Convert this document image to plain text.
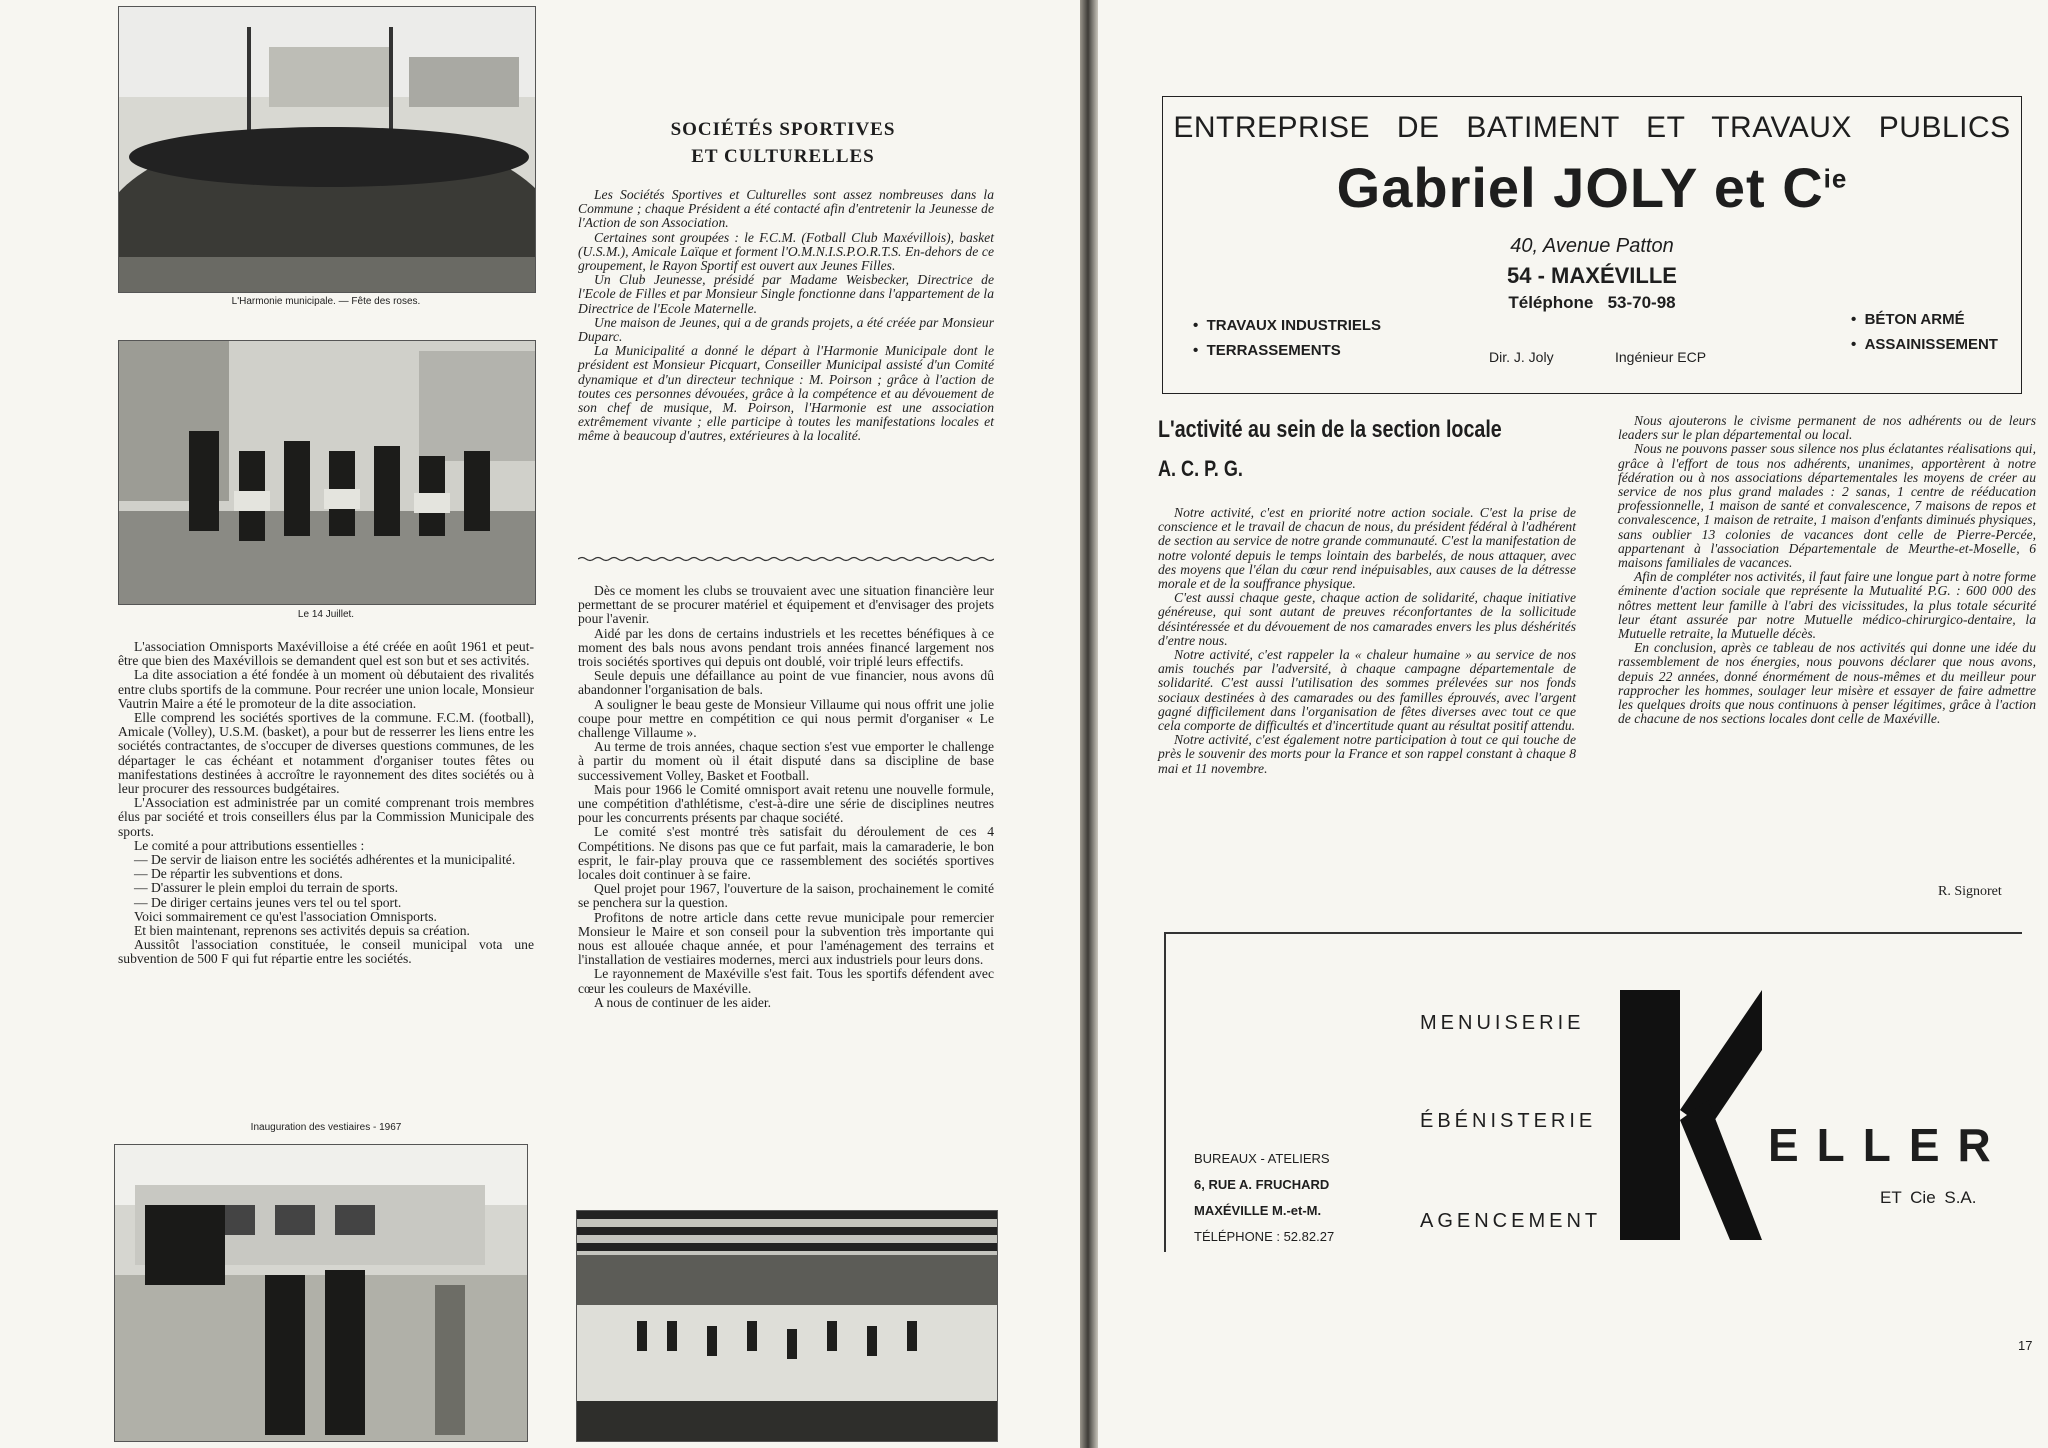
L'Harmonie municipale. — Fête des roses.
Le 14 Juillet.

L'association Omnisports Maxévilloise a été créée en août 1961 et peut-être que bien des Maxévillois se demandent quel est son but et ses activités.

La dite association a été fondée à un moment où débutaient des rivalités entre clubs sportifs de la commune. Pour recréer une union locale, Monsieur Vautrin Maire a été le promoteur de la dite association.

Elle comprend les sociétés sportives de la commune. F.C.M. (football), Amicale (Volley), U.S.M. (basket), a pour but de resserrer les liens entre les sociétés contractantes, de s'occuper de diverses questions communes, de les départager le cas échéant et notamment d'organiser toutes fêtes ou manifestations destinées à accroître le rayonnement des dites sociétés ou à leur procurer des ressources budgétaires.

L'Association est administrée par un comité comprenant trois membres élus par société et trois conseillers élus par la Commission Municipale des sports.

Le comité a pour attributions essentielles :

— De servir de liaison entre les sociétés adhérentes et la municipalité.

— De répartir les subventions et dons.

— D'assurer le plein emploi du terrain de sports.

— De diriger certains jeunes vers tel ou tel sport.

Voici sommairement ce qu'est l'association Omnisports.

Et bien maintenant, reprenons ses activités depuis sa création.

Aussitôt l'association constituée, le conseil municipal vota une subvention de 500 F qui fut répartie entre les sociétés.

Inauguration des vestiaires - 1967
SOCIÉTÉS SPORTIVES
ET CULTURELLES

Les Sociétés Sportives et Culturelles sont assez nombreuses dans la Commune ; chaque Président a été contacté afin d'entretenir la Jeunesse de l'Action de son Association.

Certaines sont groupées : le F.C.M. (Fotball Club Maxévillois), basket (U.S.M.), Amicale Laïque et forment l'O.M.N.I.S.P.O.R.T.S. En-dehors de ce groupement, le Rayon Sportif est ouvert aux Jeunes Filles.

Un Club Jeunesse, présidé par Madame Weisbecker, Directrice de l'Ecole de Filles et par Monsieur Single fonctionne dans l'appartement de la Directrice de l'Ecole Maternelle.

Une maison de Jeunes, qui a de grands projets, a été créée par Monsieur Duparc.

La Municipalité a donné le départ à l'Harmonie Municipale dont le président est Monsieur Picquart, Conseiller Municipal assisté d'un Comité dynamique et d'un directeur technique : M. Poirson ; grâce à l'action de toutes ces personnes dévouées, grâce à la compétence et au dévouement de son chef de musique, M. Poirson, l'Harmonie est une association extrêmement vivante ; elle participe à toutes les manifestations locales et même à beaucoup d'autres, extérieures à la localité.

Dès ce moment les clubs se trouvaient avec une situation financière leur permettant de se procurer matériel et équipement et d'envisager des projets pour l'avenir.

Aidé par les dons de certains industriels et les recettes bénéfiques à ce moment des bals nous avons pendant trois années financé largement nos trois sociétés sportives qui depuis ont doublé, voir triplé leurs effectifs.

Seule depuis une défaillance au point de vue financier, nous avons dû abandonner l'organisation de bals.

A souligner le beau geste de Monsieur Villaume qui nous offrit une jolie coupe pour mettre en compétition ce qui nous permit d'organiser « Le challenge Villaume ».

Au terme de trois années, chaque section s'est vue emporter le challenge à partir du moment où il était disputé dans sa discipline de base successivement Volley, Basket et Football.

Mais pour 1966 le Comité omnisport avait retenu une nouvelle formule, une compétition d'athlétisme, c'est-à-dire une série de disciplines neutres pour les concurrents présents par chaque société.

Le comité s'est montré très satisfait du déroulement de ces 4 Compétitions. Ne disons pas que ce fut parfait, mais la camaraderie, le bon esprit, le fair-play prouva que ce rassemblement des sociétés sportives locales doit continuer à se faire.

Quel projet pour 1967, l'ouverture de la saison, prochainement le comité se penchera sur la question.

Profitons de notre article dans cette revue municipale pour remercier Monsieur le Maire et son conseil pour la subvention très importante qui nous est allouée chaque année, et pour l'aménagement des terrains et l'installation de vestiaires modernes, merci aux industriels pour leurs dons.

Le rayonnement de Maxéville s'est fait. Tous les sportifs défendent avec cœur les couleurs de Maxéville.

A nous de continuer de les aider.

ENTREPRISE DE BATIMENT ET TRAVAUX PUBLICS
Gabriel JOLY et $C^{ie}$
40, Avenue Patton
54 - MAXÉVILLE
Téléphone 53-70-98
•  TRAVAUX INDUSTRIELS
•  TERRASSEMENTS
•  BÉTON ARMÉ
•  ASSAINISSEMENT
Dir. J. Joly	Ingénieur ECP
L'activité au sein de la section locale
A. C. P. G.

Notre activité, c'est en priorité notre action sociale. C'est la prise de conscience et le travail de chacun de nous, du président fédéral à l'adhérent de section au service de notre grande communauté. C'est la manifestation de notre volonté depuis le temps lointain des barbelés, de nous attaquer, avec des moyens que l'élan du cœur rend inépuisables, aux causes de la détresse morale et de la souffrance physique.

C'est aussi chaque geste, chaque action de solidarité, chaque initiative généreuse, qui sont autant de preuves réconfortantes de la sollicitude désintéressée et du dévouement de nos camarades envers les plus déshérités d'entre nous.

Notre activité, c'est rappeler la « chaleur humaine » au service de nos amis touchés par l'adversité, à chaque campagne départementale de solidarité. C'est aussi l'utilisation des sommes prélevées sur nos fonds sociaux destinées à des camarades ou des familles éprouvés, avec l'argent gagné difficilement dans l'organisation de fêtes diverses avec tout ce que cela comporte de difficultés et d'incertitude quant au résultat positif attendu.

Notre activité, c'est également notre participation à tout ce qui touche de près le souvenir des morts pour la France et son rappel constant à chaque 8 mai et 11 novembre.

Nous ajouterons le civisme permanent de nos adhérents ou de leurs leaders sur le plan départemental ou local.

Nous ne pouvons passer sous silence nos plus éclatantes réalisations qui, grâce à l'effort de tous nos adhérents, unanimes, apportèrent à notre fédération ou à nos associations départementales les moyens de créer au service de nos plus grand malades : 2 sanas, 1 centre de rééducation professionnelle, 1 maison de santé et convalescence, 7 maisons de repos et convalescence, 1 maison de retraite, 1 maison d'enfants diminués physiques, sans oublier 13 colonies de vacances dont celle de Pierre-Percée, appartenant à l'association Départementale de Meurthe-et-Moselle, 6 maisons familiales de vacances.

Afin de compléter nos activités, il faut faire une longue part à notre forme éminente d'action sociale que représente la Mutualité P.G. : 600 000 des nôtres mettent leur famille à l'abri des vicissitudes, la plus totale sécurité leur étant assurée par notre Mutuelle médico-chirurgico-dentaire, la Mutuelle retraite, la Mutuelle décès.

En conclusion, après ce tableau de nos activités qui donne une idée du rassemblement de nos énergies, nous pouvons déclarer que nous avons, depuis 22 années, donné énormément de nous-mêmes et du meilleur pour rapprocher les hommes, soulager leur misère et essayer de faire admettre les quelques droits que nous continuons à penser légitimes, grâce à l'action de chacune de nos sections locales dont celle de Maxéville.

R. Signoret
MENUISERIE
ÉBÉNISTERIE
AGENCEMENT
BUREAUX - ATELIERS
6, RUE A. FRUCHARD
MAXÉVILLE M.-et-M.
TÉLÉPHONE : 52.82.27
ELLER
ET Cie S.A.
17
